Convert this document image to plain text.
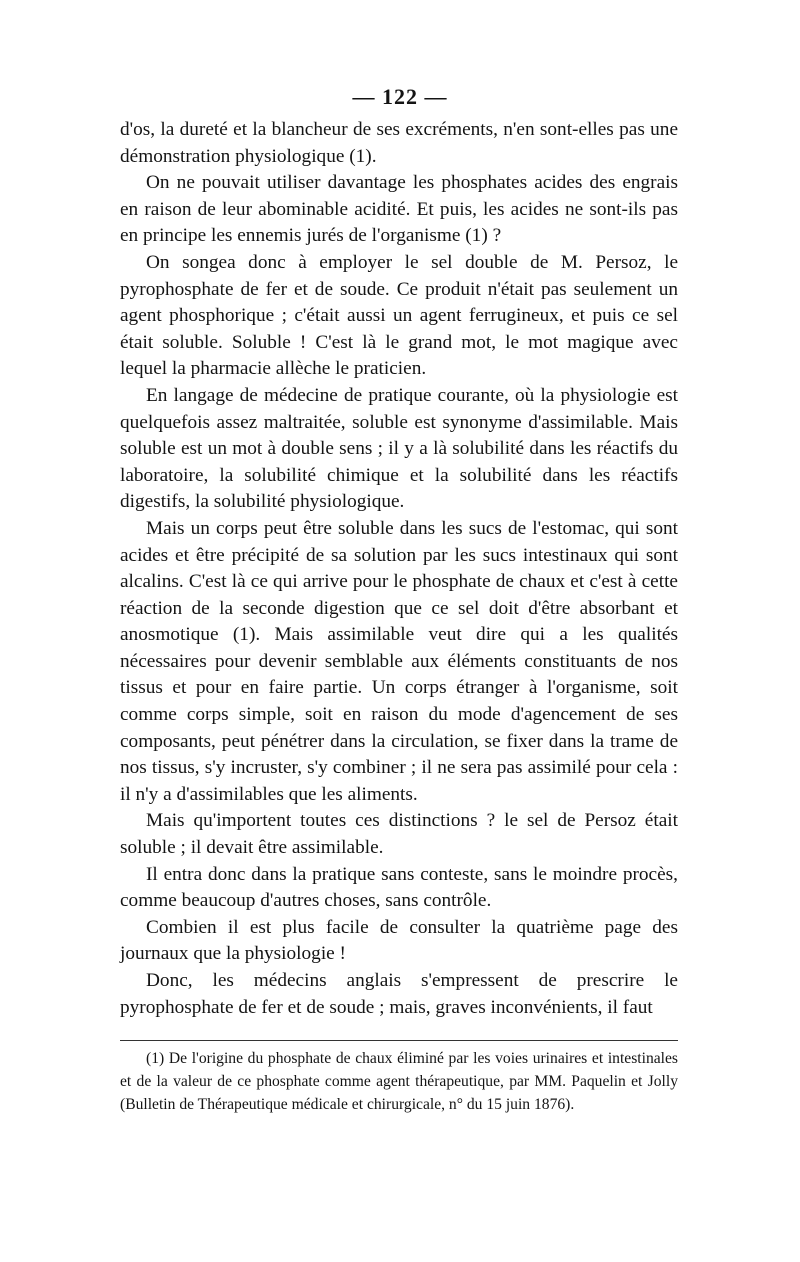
— 122 —

d'os, la dureté et la blancheur de ses excréments, n'en sont-elles pas une démonstration physiologique (1).

On ne pouvait utiliser davantage les phosphates acides des engrais en raison de leur abominable acidité. Et puis, les acides ne sont-ils pas en principe les ennemis jurés de l'organisme (1) ?

On songea donc à employer le sel double de M. Persoz, le pyrophosphate de fer et de soude. Ce produit n'était pas seulement un agent phosphorique ; c'était aussi un agent ferrugineux, et puis ce sel était soluble. Soluble ! C'est là le grand mot, le mot magique avec lequel la pharmacie allèche le praticien.

En langage de médecine de pratique courante, où la physiologie est quelquefois assez maltraitée, soluble est synonyme d'assimilable. Mais soluble est un mot à double sens ; il y a là solubilité dans les réactifs du laboratoire, la solubilité chimique et la solubilité dans les réactifs digestifs, la solubilité physiologique.

Mais un corps peut être soluble dans les sucs de l'estomac, qui sont acides et être précipité de sa solution par les sucs intestinaux qui sont alcalins. C'est là ce qui arrive pour le phosphate de chaux et c'est à cette réaction de la seconde digestion que ce sel doit d'être absorbant et anosmotique (1). Mais assimilable veut dire qui a les qualités nécessaires pour devenir semblable aux éléments constituants de nos tissus et pour en faire partie. Un corps étranger à l'organisme, soit comme corps simple, soit en raison du mode d'agencement de ses composants, peut pénétrer dans la circulation, se fixer dans la trame de nos tissus, s'y incruster, s'y combiner ; il ne sera pas assimilé pour cela : il n'y a d'assimilables que les aliments.

Mais qu'importent toutes ces distinctions ? le sel de Persoz était soluble ; il devait être assimilable.

Il entra donc dans la pratique sans conteste, sans le moindre procès, comme beaucoup d'autres choses, sans contrôle.

Combien il est plus facile de consulter la quatrième page des journaux que la physiologie !

Donc, les médecins anglais s'empressent de prescrire le pyrophosphate de fer et de soude ; mais, graves inconvénients, il faut

(1) De l'origine du phosphate de chaux éliminé par les voies urinaires et intestinales et de la valeur de ce phosphate comme agent thérapeutique, par MM. Paquelin et Jolly (Bulletin de Thérapeutique médicale et chirurgicale, n° du 15 juin 1876).
